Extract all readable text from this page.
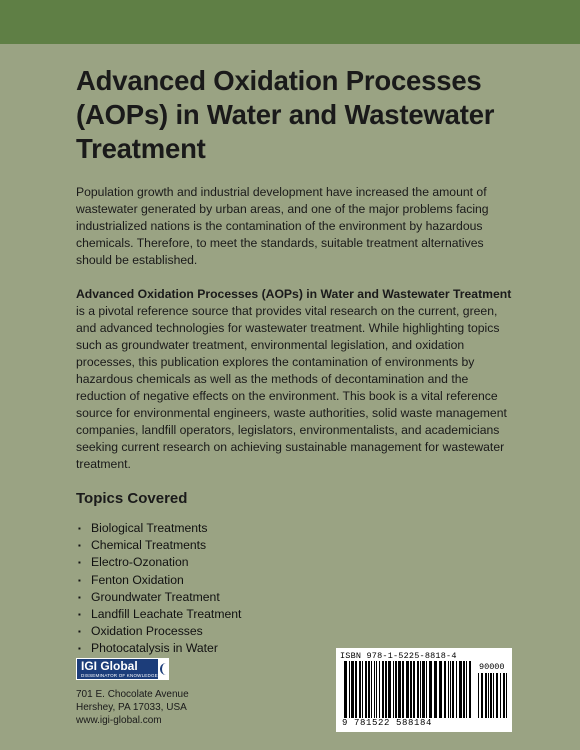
Advanced Oxidation Processes (AOPs) in Water and Wastewater Treatment

Population growth and industrial development have increased the amount of wastewater generated by urban areas, and one of the major problems facing industrialized nations is the contamination of the environment by hazardous chemicals. Therefore, to meet the standards, suitable treatment alternatives should be established.

Advanced Oxidation Processes (AOPs) in Water and Wastewater Treatment is a pivotal reference source that provides vital research on the current, green, and advanced technologies for wastewater treatment. While highlighting topics such as groundwater treatment, environmental legislation, and oxidation processes, this publication explores the contamination of environments by hazardous chemicals as well as the methods of decontamination and the reduction of negative effects on the environment. This book is a vital reference source for environmental engineers, waste authorities, solid waste management companies, landfill operators, legislators, environmentalists, and academicians seeking current research on achieving sustainable management for wastewater treatment.

Topics Covered
▪ Biological Treatments
▪ Chemical Treatments
▪ Electro-Ozonation
▪ Fenton Oxidation
▪ Groundwater Treatment
▪ Landfill Leachate Treatment
▪ Oxidation Processes
▪ Photocatalysis in Water
IGI Global
DISSEMINATOR OF KNOWLEDGE
701 E. Chocolate Avenue
Hershey, PA 17033, USA
www.igi-global.com
ISBN 978-1-5225-8818-4
90000
9 781522 588184
